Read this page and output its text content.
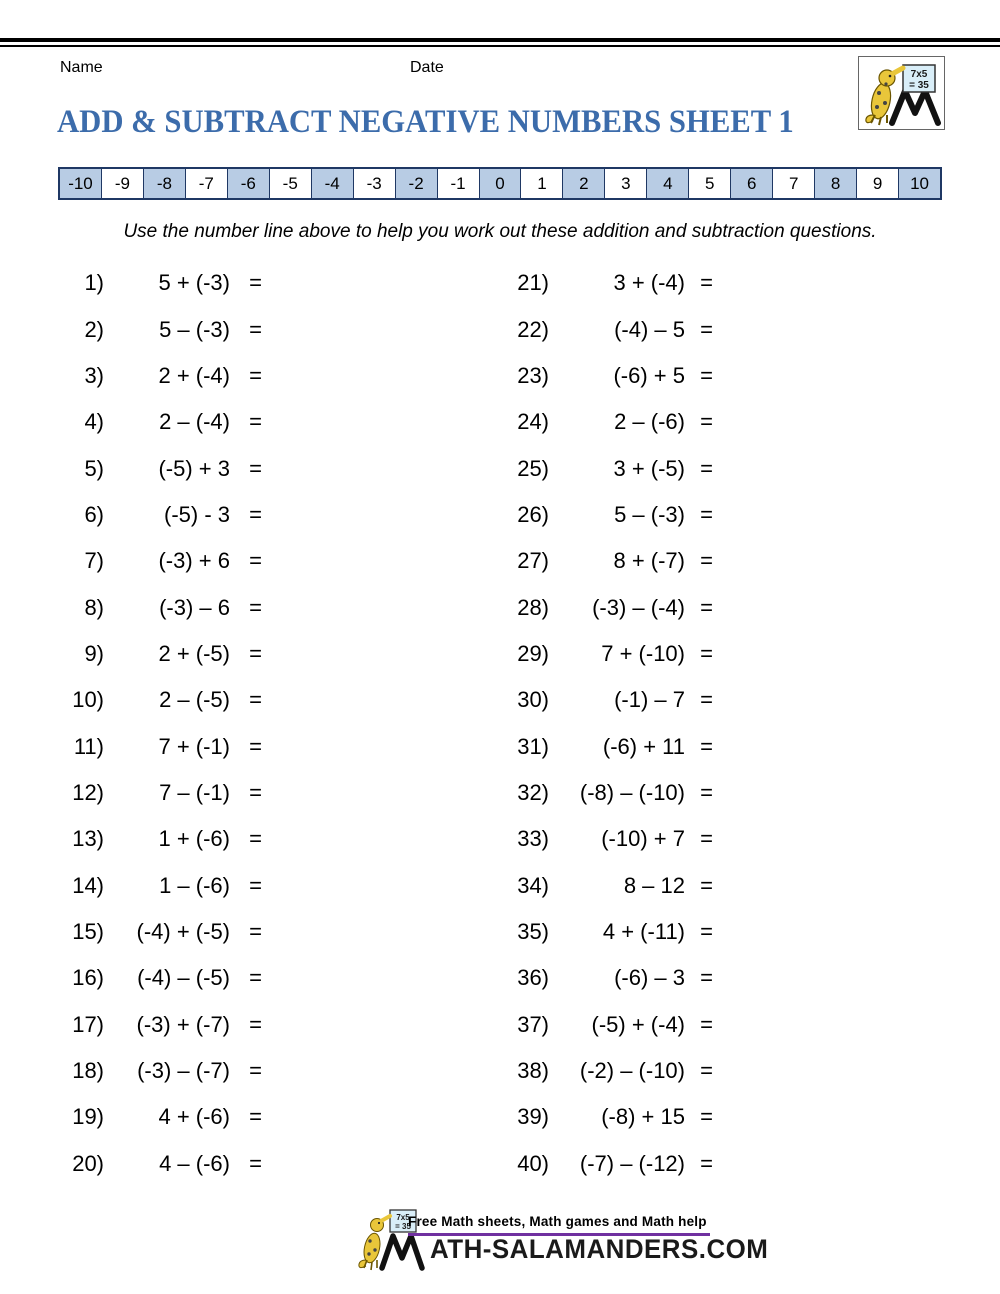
Name	Date	7x5
= 35
ADD & SUBTRACT NEGATIVE NUMBERS SHEET 1
-10	-9	-8	-7	-6	-5	-4	-3	-2	-1	0	1	2	3	4	5	6	7	8	9	10
Use the number line above to help you work out these addition and subtraction questions.
1)	5 + (-3) =
2)	5 – (-3) =
3)	2 + (-4) =
4)	2 – (-4) =
5)	(-5) + 3 =
6)	(-5) - 3 =
7)	(-3) + 6 =
8)	(-3) – 6 =
9)	2 + (-5) =
10)	2 – (-5) =
11)	7 + (-1) =
12)	7 – (-1) =
13)	1 + (-6) =
14)	1 – (-6) =
15)	(-4) + (-5) =
16)	(-4) – (-5) =
17)	(-3) + (-7) =
18)	(-3) – (-7) =
19)	4 + (-6) =
20)	4 – (-6) =
21)	3 + (-4) =
22)	(-4) – 5 =
23)	(-6) + 5 =
24)	2 – (-6) =
25)	3 + (-5) =
26)	5 – (-3) =
27)	8 + (-7) =
28)	(-3) – (-4) =
29)	7 + (-10) =
30)	(-1) – 7 =
31)	(-6) + 11 =
32)	(-8) – (-10) =
33)	(-10) + 7 =
34)	8 – 12 =
35)	4 + (-11) =
36)	(-6) – 3 =
37)	(-5) + (-4) =
38)	(-2) – (-10) =
39)	(-8) + 15 =
40)	(-7) – (-12) =
7x5
= 35
Free Math sheets, Math games and Math help
ATH-SALAMANDERS.COM
